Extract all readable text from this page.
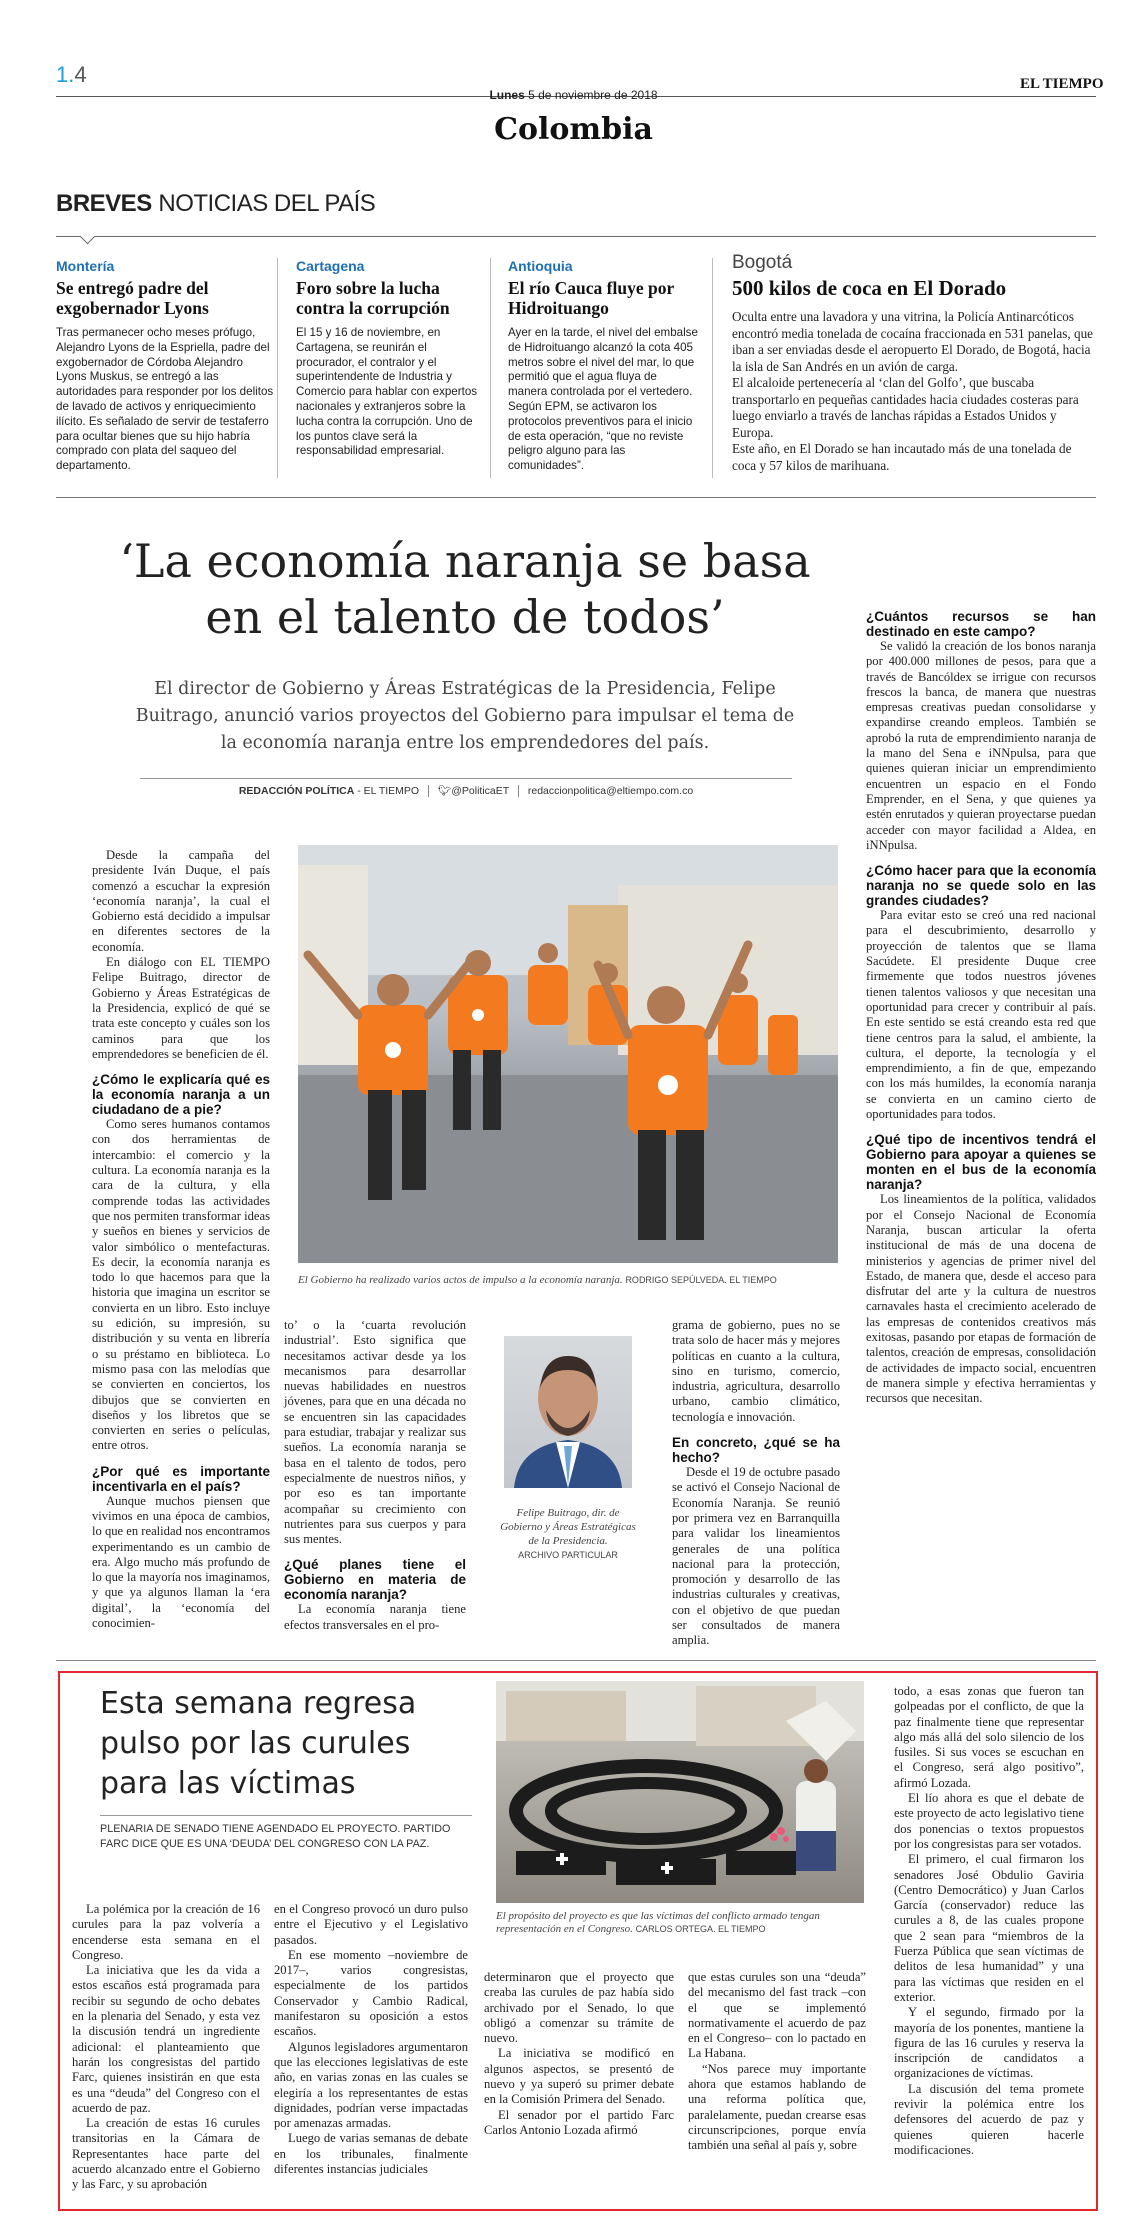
1.4
Lunes 5 de noviembre de 2018
Colombia
EL TIEMPO
BREVES NOTICIAS DEL PAÍS
Montería
Se entregó padre del exgobernador Lyons
Tras permanecer ocho meses prófugo, Alejandro Lyons de la Espriella, padre del exgobernador de Córdoba Alejandro Lyons Muskus, se entregó a las autoridades para responder por los delitos de lavado de activos y enriquecimiento ilícito. Es señalado de servir de testaferro para ocultar bienes que su hijo habría comprado con plata del saqueo del departamento.
Cartagena
Foro sobre la lucha contra la corrupción
El 15 y 16 de noviembre, en Cartagena, se reunirán el procurador, el contralor y el superintendente de Industria y Comercio para hablar con expertos nacionales y extranjeros sobre la lucha contra la corrupción. Uno de los puntos clave será la responsabilidad empresarial.
Antioquia
El río Cauca fluye por Hidroituango
Ayer en la tarde, el nivel del embalse de Hidroituango alcanzó la cota 405 metros sobre el nivel del mar, lo que permitió que el agua fluya de manera controlada por el vertedero. Según EPM, se activaron los protocolos preventivos para el inicio de esta operación, “que no reviste peligro alguno para las comunidades”.
Bogotá
500 kilos de coca en El Dorado
Oculta entre una lavadora y una vitrina, la Policía Antinarcóticos encontró media tonelada de cocaína fraccionada en 531 panelas, que iban a ser enviadas desde el aeropuerto El Dorado, de Bogotá, hacia la isla de San Andrés en un avión de carga.
El alcaloide pertenecería al ‘clan del Golfo’, que buscaba transportarlo en pequeñas cantidades hacia ciudades costeras para luego enviarlo a través de lanchas rápidas a Estados Unidos y Europa.
Este año, en El Dorado se han incautado más de una tonelada de coca y 57 kilos de marihuana.
‘La economía naranja se basa en el talento de todos’
El director de Gobierno y Áreas Estratégicas de la Presidencia, Felipe Buitrago, anunció varios proyectos del Gobierno para impulsar el tema de la economía naranja entre los emprendedores del país.
REDACCIÓN POLÍTICA - EL TIEMPO 🐦︎@PoliticaET redaccionpolitica@eltiempo.com.co
El Gobierno ha realizado varios actos de impulso a la economía naranja. RODRIGO SEPÚLVEDA. EL TIEMPO

Desde la campaña del presidente Iván Duque, el país comenzó a escuchar la expresión ‘economía naranja’, la cual el Gobierno está decidido a impulsar en diferentes sectores de la economía.

En diálogo con EL TIEMPO Felipe Buitrago, director de Gobierno y Áreas Estratégicas de la Presidencia, explicó de qué se trata este concepto y cuáles son los caminos para que los emprendedores se beneficien de él.

¿Cómo le explicaría qué es la economía naranja a un ciudadano de a pie?

Como seres humanos contamos con dos herramientas de intercambio: el comercio y la cultura. La economía naranja es la cara de la cultura, y ella comprende todas las actividades que nos permiten transformar ideas y sueños en bienes y servicios de valor simbólico o mentefacturas. Es decir, la economía naranja es todo lo que hacemos para que la historia que imagina un escritor se convierta en un libro. Esto incluye su edición, su impresión, su distribución y su venta en librería o su préstamo en biblioteca. Lo mismo pasa con las melodías que se convierten en conciertos, los dibujos que se convierten en diseños y los libretos que se convierten en series o películas, entre otros.

¿Por qué es importante incentivarla en el país?

Aunque muchos piensen que vivimos en una época de cambios, lo que en realidad nos encontramos experimentando es un cambio de era. Algo mucho más profundo de lo que la mayoría nos imaginamos, y que ya algunos llaman la ‘era digital’, la ‘economía del conocimien-

to’ o la ‘cuarta revolución industrial’. Esto significa que necesitamos activar desde ya los mecanismos para desarrollar nuevas habilidades en nuestros jóvenes, para que en una década no se encuentren sin las capacidades para estudiar, trabajar y realizar sus sueños. La economía naranja se basa en el talento de todos, pero especialmente de nuestros niños, y por eso es tan importante acompañar su crecimiento con nutrientes para sus cuerpos y para sus mentes.

¿Qué planes tiene el Gobierno en materia de economía naranja?

La economía naranja tiene efectos transversales en el pro-

Felipe Buitrago, dir. de Gobierno y Áreas Estratégicas de la Presidencia.
ARCHIVO PARTICULAR

grama de gobierno, pues no se trata solo de hacer más y mejores políticas en cuanto a la cultura, sino en turismo, comercio, industria, agricultura, desarrollo urbano, cambio climático, tecnología e innovación.

En concreto, ¿qué se ha hecho?

Desde el 19 de octubre pasado se activó el Consejo Nacional de Economía Naranja. Se reunió por primera vez en Barranquilla para validar los lineamientos generales de una política nacional para la protección, promoción y desarrollo de las industrias culturales y creativas, con el objetivo de que puedan ser consultados de manera amplia.

¿Cuántos recursos se han destinado en este campo?

Se validó la creación de los bonos naranja por 400.000 millones de pesos, para que a través de Bancóldex se irrigue con recursos frescos la banca, de manera que nuestras empresas creativas puedan consolidarse y expandirse creando empleos. También se aprobó la ruta de emprendimiento naranja de la mano del Sena e iNNpulsa, para que quienes quieran iniciar un emprendimiento encuentren un espacio en el Fondo Emprender, en el Sena, y que quienes ya estén enrutados y quieran proyectarse puedan acceder con mayor facilidad a Aldea, en iNNpulsa.

¿Cómo hacer para que la economía naranja no se quede solo en las grandes ciudades?

Para evitar esto se creó una red nacional para el descubrimiento, desarrollo y proyección de talentos que se llama Sacúdete. El presidente Duque cree firmemente que todos nuestros jóvenes tienen talentos valiosos y que necesitan una oportunidad para crecer y contribuir al país. En este sentido se está creando esta red que tiene centros para la salud, el ambiente, la cultura, el deporte, la tecnología y el emprendimiento, a fin de que, empezando con los más humildes, la economía naranja se convierta en un camino cierto de oportunidades para todos.

¿Qué tipo de incentivos tendrá el Gobierno para apoyar a quienes se monten en el bus de la economía naranja?

Los lineamientos de la política, validados por el Consejo Nacional de Economía Naranja, buscan articular la oferta institucional de más de una docena de ministerios y agencias de primer nivel del Estado, de manera que, desde el acceso para disfrutar del arte y la cultura de nuestros carnavales hasta el crecimiento acelerado de las empresas de contenidos creativos más exitosas, pasando por etapas de formación de talentos, creación de empresas, consolidación de actividades de impacto social, encuentren de manera simple y efectiva herramientas y recursos que necesitan.

Esta semana regresa pulso por las curules para las víctimas
PLENARIA DE SENADO TIENE AGENDADO EL PROYECTO. PARTIDO FARC DICE QUE ES UNA ‘DEUDA’ DEL CONGRESO CON LA PAZ.
El propósito del proyecto es que las víctimas del conflicto armado tengan representación en el Congreso. CARLOS ORTEGA. EL TIEMPO

La polémica por la creación de 16 curules para la paz volvería a encenderse esta semana en el Congreso.

La iniciativa que les da vida a estos escaños está programada para recibir su segundo de ocho debates en la plenaria del Senado, y esta vez la discusión tendrá un ingrediente adicional: el planteamiento que harán los congresistas del partido Farc, quienes insistirán en que esta es una “deuda” del Congreso con el acuerdo de paz.

La creación de estas 16 curules transitorias en la Cámara de Representantes hace parte del acuerdo alcanzado entre el Gobierno y las Farc, y su aprobación

en el Congreso provocó un duro pulso entre el Ejecutivo y el Legislativo pasados.

En ese momento –noviembre de 2017–, varios congresistas, especialmente de los partidos Conservador y Cambio Radical, manifestaron su oposición a estos escaños.

Algunos legisladores argumentaron que las elecciones legislativas de este año, en varias zonas en las cuales se elegiría a los representantes de estas dignidades, podrían verse impactadas por amenazas armadas.

Luego de varias semanas de debate en los tribunales, finalmente diferentes instancias judiciales

determinaron que el proyecto que creaba las curules de paz había sido archivado por el Senado, lo que obligó a comenzar su trámite de nuevo.

La iniciativa se modificó en algunos aspectos, se presentó de nuevo y ya superó su primer debate en la Comisión Primera del Senado.

El senador por el partido Farc Carlos Antonio Lozada afirmó

que estas curules son una “deuda” del mecanismo del fast track –con el que se implementó normativamente el acuerdo de paz en el Congreso– con lo pactado en La Habana.

“Nos parece muy importante ahora que estamos hablando de una reforma política que, paralelamente, puedan crearse esas circunscripciones, porque envía también una señal al país y, sobre

todo, a esas zonas que fueron tan golpeadas por el conflicto, de que la paz finalmente tiene que representar algo más allá del solo silencio de los fusiles. Si sus voces se escuchan en el Congreso, será algo positivo”, afirmó Lozada.

El lío ahora es que el debate de este proyecto de acto legislativo tiene dos ponencias o textos propuestos por los congresistas para ser votados.

El primero, el cual firmaron los senadores José Obdulio Gaviria (Centro Democrático) y Juan Carlos García (conservador) reduce las curules a 8, de las cuales propone que 2 sean para “miembros de la Fuerza Pública que sean víctimas de delitos de lesa humanidad” y una para las víctimas que residen en el exterior.

Y el segundo, firmado por la mayoría de los ponentes, mantiene la figura de las 16 curules y reserva la inscripción de candidatos a organizaciones de víctimas.

La discusión del tema promete revivir la polémica entre los defensores del acuerdo de paz y quienes quieren hacerle modificaciones.
